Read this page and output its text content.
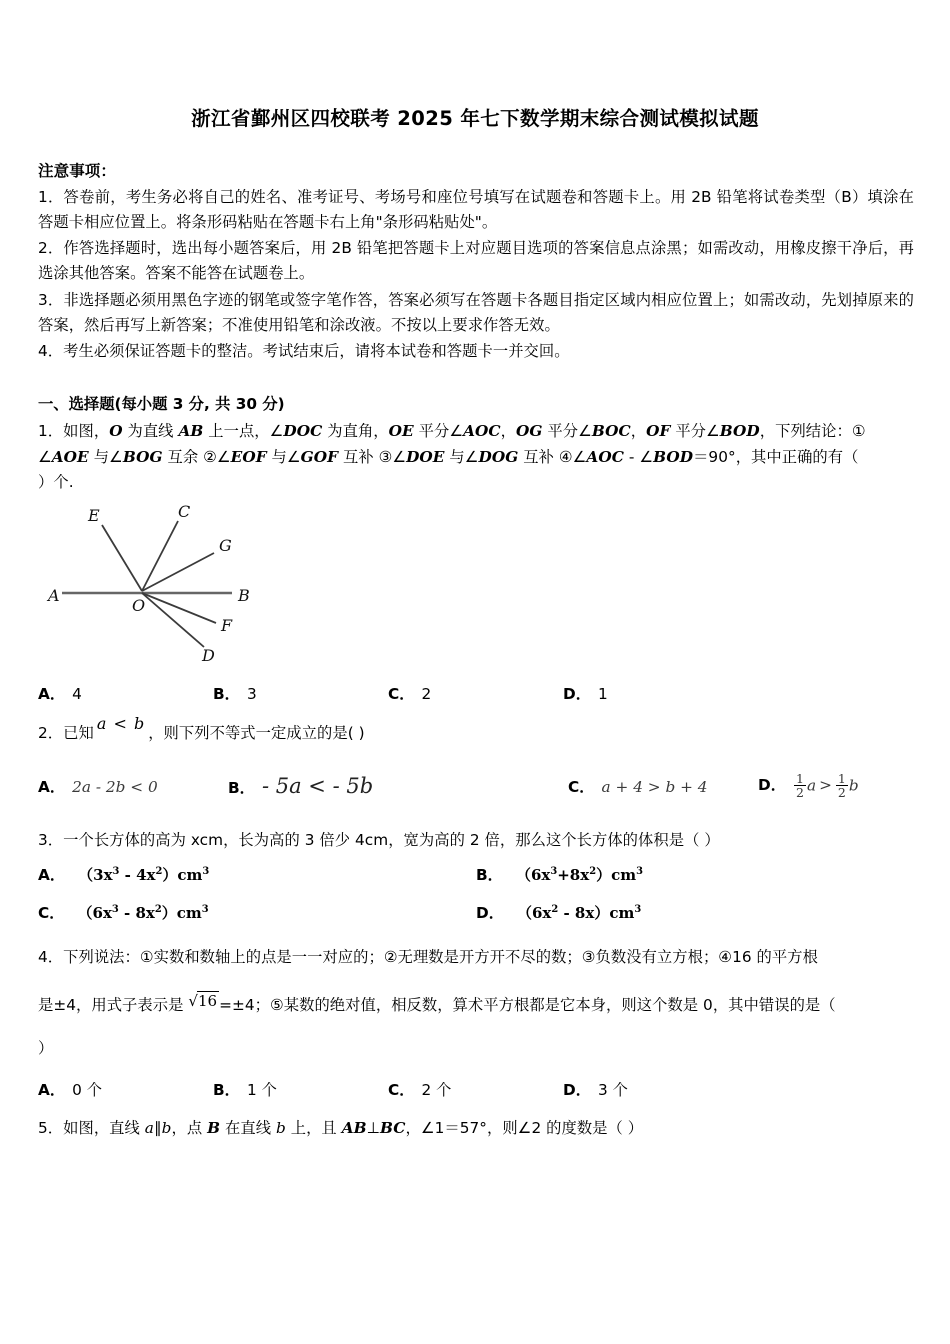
浙江省鄞州区四校联考 2025 年七下数学期末综合测试模拟试题
注意事项：
1．答卷前，考生务必将自己的姓名、准考证号、考场号和座位号填写在试题卷和答题卡上。用 2B 铅笔将试卷类型（B）填涂在答题卡相应位置上。将条形码粘贴在答题卡右上角"条形码粘贴处"。
2．作答选择题时，选出每小题答案后，用 2B 铅笔把答题卡上对应题目选项的答案信息点涂黑；如需改动，用橡皮擦干净后，再选涂其他答案。答案不能答在试题卷上。
3．非选择题必须用黑色字迹的钢笔或签字笔作答，答案必须写在答题卡各题目指定区域内相应位置上；如需改动，先划掉原来的答案，然后再写上新答案；不准使用铅笔和涂改液。不按以上要求作答无效。
4．考生必须保证答题卡的整洁。考试结束后，请将本试卷和答题卡一并交回。
一、选择题(每小题 3 分, 共 30 分)
1．如图，O 为直线 AB 上一点，∠DOC 为直角，OE 平分∠AOC，OG 平分∠BOC，OF 平分∠BOD，下列结论：①
∠AOE 与∠BOG 互余 ②∠EOF 与∠GOF 互补 ③∠DOE 与∠DOG 互补 ④∠AOC - ∠BOD＝90°，其中正确的有（
）个.
A	B
E	C
G
F
D
O
A． 4	B． 3	C． 2	D． 1
2．已知 a < b ，则下列不等式一定成立的是( )
A． 2a - 2b < 0	B． - 5a < - 5b	C． a + 4 > b + 4	D． $\frac{1}{2}$ $a > \frac{1}{2}$ b
3．一个长方体的高为 xcm，长为高的 3 倍少 4cm，宽为高的 2 倍，那么这个长方体的体积是（ ）
A． $(3x^3 - 4x^2)cm^3$	B． $(6x^3+8x^2)cm^3$
C． $(6x^3 - 8x^2)cm^3$	D． $(6x^2 - 8x)cm^3$
4．下列说法：①实数和数轴上的点是一一对应的；②无理数是开方开不尽的数；③负数没有立方根；④16 的平方根
是±4，用式子表示是 √16 =±4；⑤某数的绝对值，相反数，算术平方根都是它本身，则这个数是 0，其中错误的是（
）
A． 0 个	B． 1 个	C． 2 个	D． 3 个
5．如图，直线 a∥b，点 B 在直线 b 上，且 AB⊥BC，∠1＝57°，则∠2 的度数是（ ）
